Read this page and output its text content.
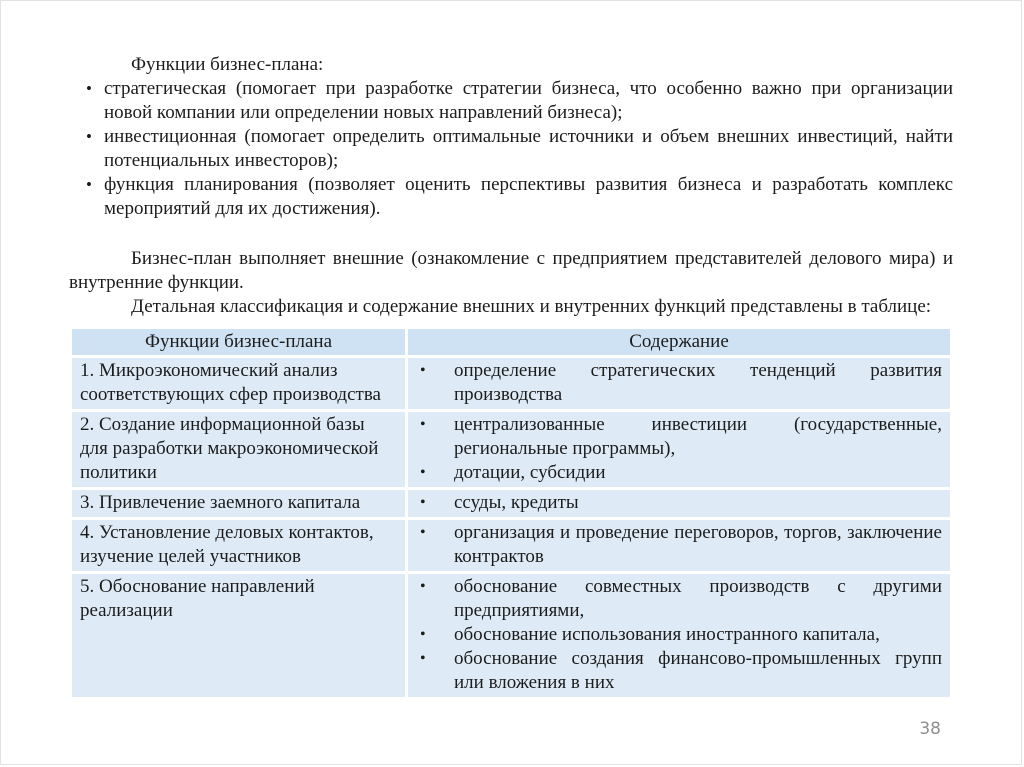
Функции бизнес-плана:

• стратегическая (помогает при разработке стратегии бизнеса, что особенно важно при организации новой компании или определении новых направлений бизнеса);
• инвестиционная (помогает определить оптимальные источники и объем внешних инвестиций, найти потенциальных инвесторов);
• функция планирования (позволяет оценить перспективы развития бизнеса и разработать комплекс мероприятий для их достижения).

Бизнес-план выполняет внешние (ознакомление с предприятием представителей делового мира) и внутренние функции.

Детальная классификация и содержание внешних и внутренних функций представлены в таблице:

Функции бизнес-плана	Содержание
1. Микроэкономический анализ соответствующих сфер производства	• определение стратегических тенденций развития производства

2. Создание информационной базы для разработки макроэкономической политики	• централизованные инвестиции (государственные, региональные программы),
• дотации, субсидии

3. Привлечение заемного капитала	• ссуды, кредиты

4. Установление деловых контактов, изучение целей участников	• организация и проведение переговоров, торгов, заключение контрактов

5. Обоснование направлений реализации	• обоснование совместных производств с другими предприятиями,
• обоснование использования иностранного капитала,
• обоснование создания финансово-промышленных групп или вложения в них
38
